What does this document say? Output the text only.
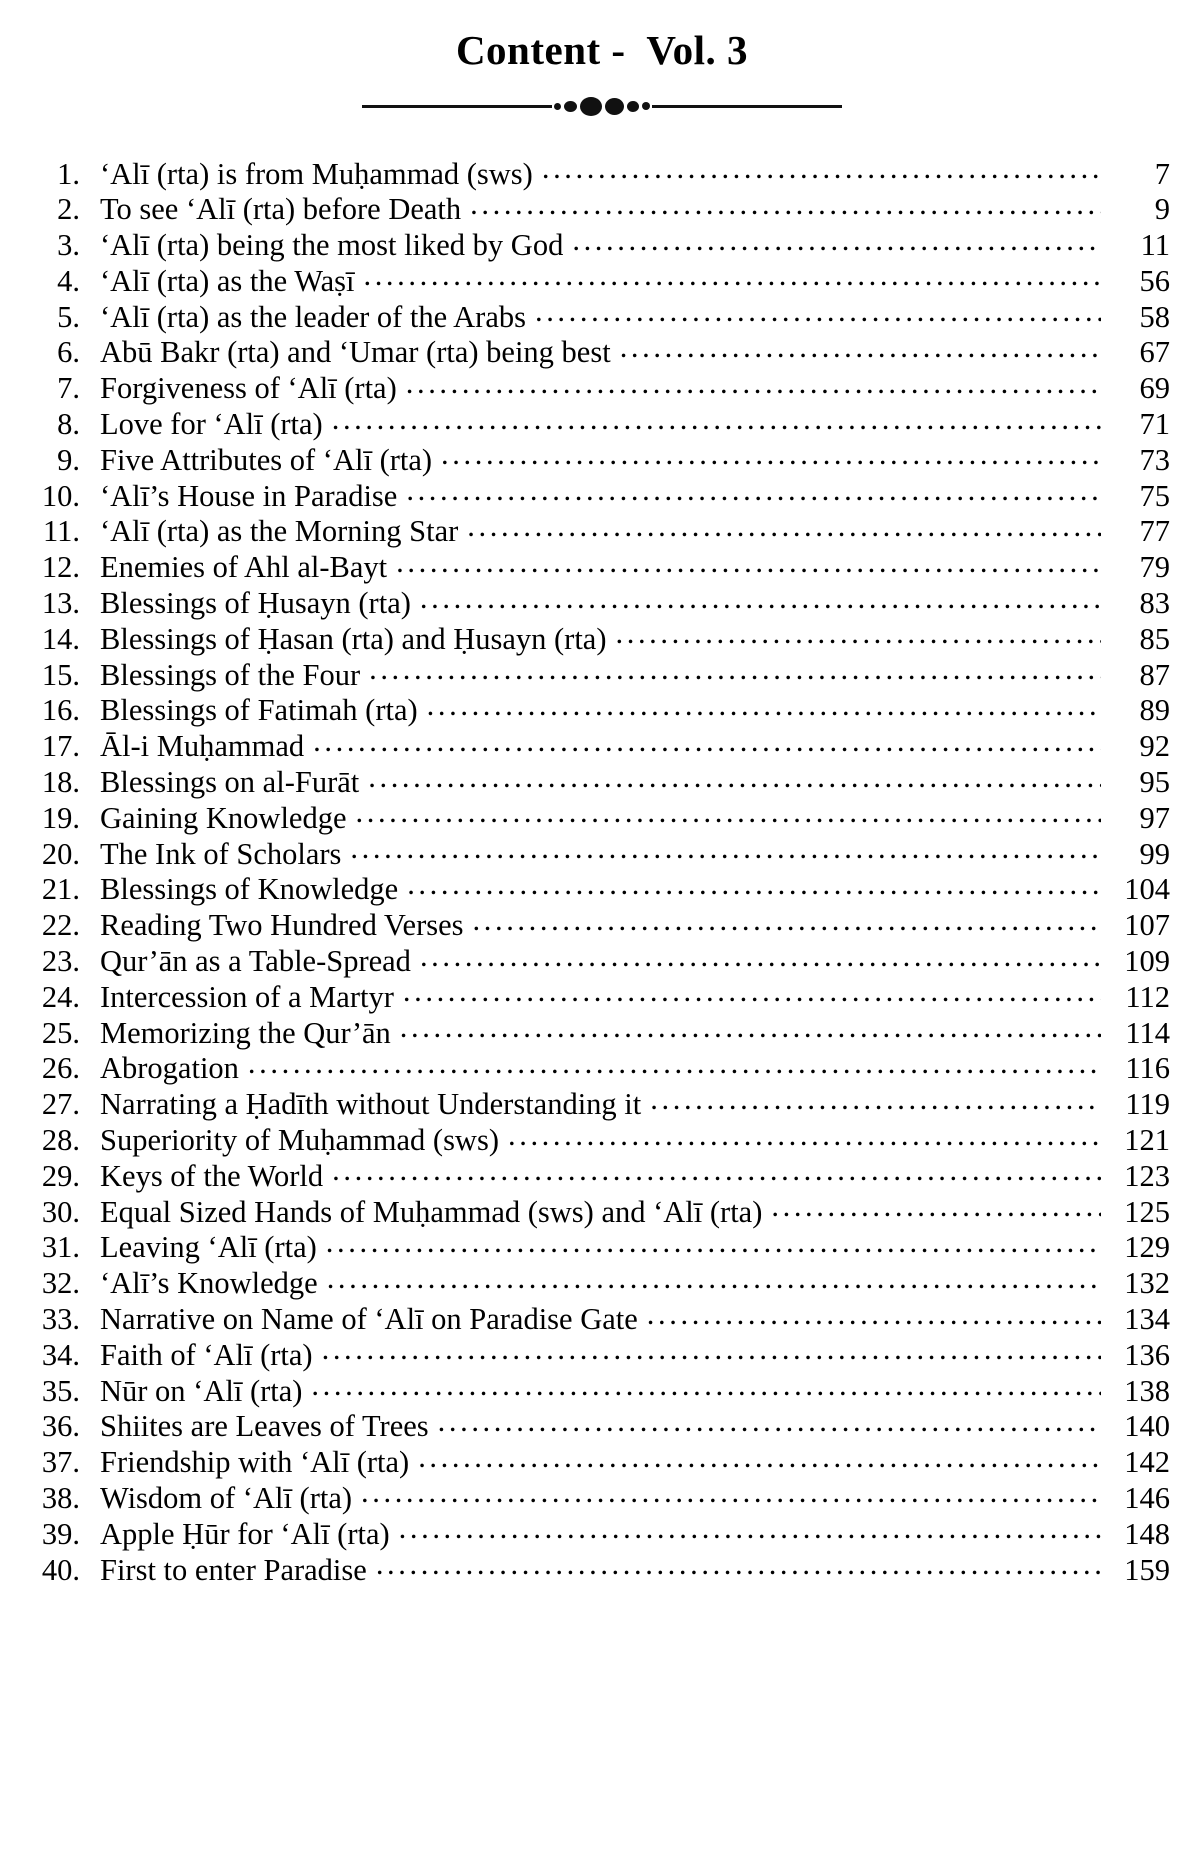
Content -  Vol. 3
1. ‘Alī (rta) is from Muḥammad (sws) .....	7
2. To see ‘Alī (rta) before Death .....	9
3. ‘Alī (rta) being the most liked by God .....	11
4. ‘Alī (rta) as the Waṣī .....	56
5. ‘Alī (rta) as the leader of the Arabs .....	58
6. Abū Bakr (rta) and ‘Umar (rta) being best .....	67
7. Forgiveness of ‘Alī (rta) .....	69
8. Love for ‘Alī (rta) .....	71
9. Five Attributes of ‘Alī (rta) .....	73
10. ‘Alī’s House in Paradise .....	75
11. ‘Alī (rta) as the Morning Star .....	77
12. Enemies of Ahl al-Bayt .....	79
13. Blessings of Ḥusayn (rta) .....	83
14. Blessings of Ḥasan (rta) and Ḥusayn (rta) .....	85
15. Blessings of the Four .....	87
16. Blessings of Fatimah (rta) .....	89
17. Āl-i Muḥammad .....	92
18. Blessings on al-Furāt .....	95
19. Gaining Knowledge .....	97
20. The Ink of Scholars .....	99
21. Blessings of Knowledge .....	104
22. Reading Two Hundred Verses .....	107
23. Qur’ān as a Table-Spread .....	109
24. Intercession of a Martyr .....	112
25. Memorizing the Qur’ān .....	114
26. Abrogation .....	116
27. Narrating a Ḥadīth without Understanding it .....	119
28. Superiority of Muḥammad (sws) .....	121
29. Keys of the World .....	123
30. Equal Sized Hands of Muḥammad (sws) and ‘Alī (rta) .....	125
31. Leaving ‘Alī (rta) .....	129
32. ‘Alī’s Knowledge .....	132
33. Narrative on Name of ‘Alī on Paradise Gate .....	134
34. Faith of ‘Alī (rta) .....	136
35. Nūr on ‘Alī (rta) .....	138
36. Shiites are Leaves of Trees .....	140
37. Friendship with ‘Alī (rta) .....	142
38. Wisdom of ‘Alī (rta) .....	146
39. Apple Ḥūr for ‘Alī (rta) .....	148
40. First to enter Paradise .....	159
